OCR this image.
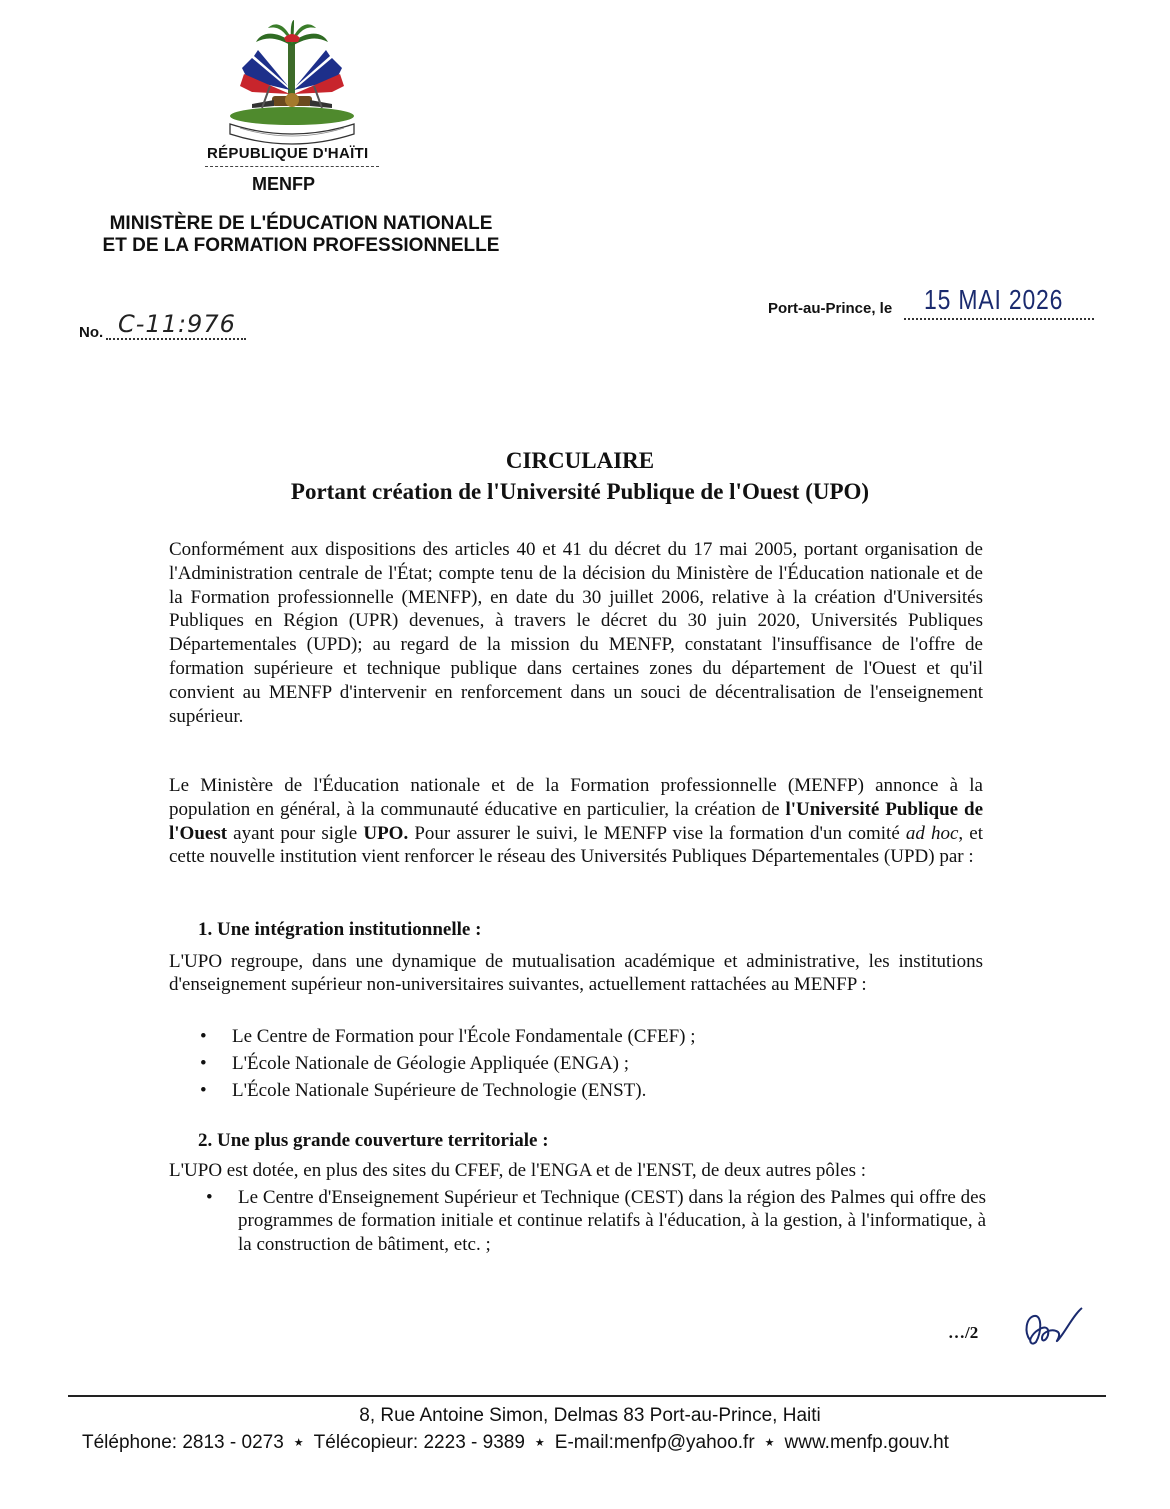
RÉPUBLIQUE D'HAÏTI
MENFP
MINISTÈRE DE L'ÉDUCATION NATIONALE
ET DE LA FORMATION PROFESSIONNELLE
No. C-11:976
Port-au-Prince, le 15 MAI 2026
CIRCULAIRE
Portant création de l'Université Publique de l'Ouest (UPO)
Conformément aux dispositions des articles 40 et 41 du décret du 17 mai 2005, portant organisation de l'Administration centrale de l'État; compte tenu de la décision du Ministère de l'Éducation nationale et de la Formation professionnelle (MENFP), en date du 30 juillet 2006, relative à la création d'Universités Publiques en Région (UPR) devenues, à travers le décret du 30 juin 2020, Universités Publiques Départementales (UPD); au regard de la mission du MENFP, constatant l'insuffisance de l'offre de formation supérieure et technique publique dans certaines zones du département de l'Ouest et qu'il convient au MENFP d'intervenir en renforcement dans un souci de décentralisation de l'enseignement supérieur.
Le Ministère de l'Éducation nationale et de la Formation professionnelle (MENFP) annonce à la population en général, à la communauté éducative en particulier, la création de l'Université Publique de l'Ouest ayant pour sigle UPO. Pour assurer le suivi, le MENFP vise la formation d'un comité ad hoc, et cette nouvelle institution vient renforcer le réseau des Universités Publiques Départementales (UPD) par :
1. Une intégration institutionnelle :
L'UPO regroupe, dans une dynamique de mutualisation académique et administrative, les institutions d'enseignement supérieur non-universitaires suivantes, actuellement rattachées au MENFP :
• Le Centre de Formation pour l'École Fondamentale (CFEF) ;
• L'École Nationale de Géologie Appliquée (ENGA) ;
• L'École Nationale Supérieure de Technologie (ENST).
2. Une plus grande couverture territoriale :
L'UPO est dotée, en plus des sites du CFEF, de l'ENGA et de l'ENST, de deux autres pôles :
• Le Centre d'Enseignement Supérieur et Technique (CEST) dans la région des Palmes qui offre des programmes de formation initiale et continue relatifs à l'éducation, à la gestion, à l'informatique, à la construction de bâtiment, etc. ;
…/2
8, Rue Antoine Simon, Delmas 83 Port-au-Prince, Haiti
Téléphone: 2813 - 0273 ★ Télécopieur: 2223 - 9389 ★ E-mail:menfp@yahoo.fr ★ www.menfp.gouv.ht
